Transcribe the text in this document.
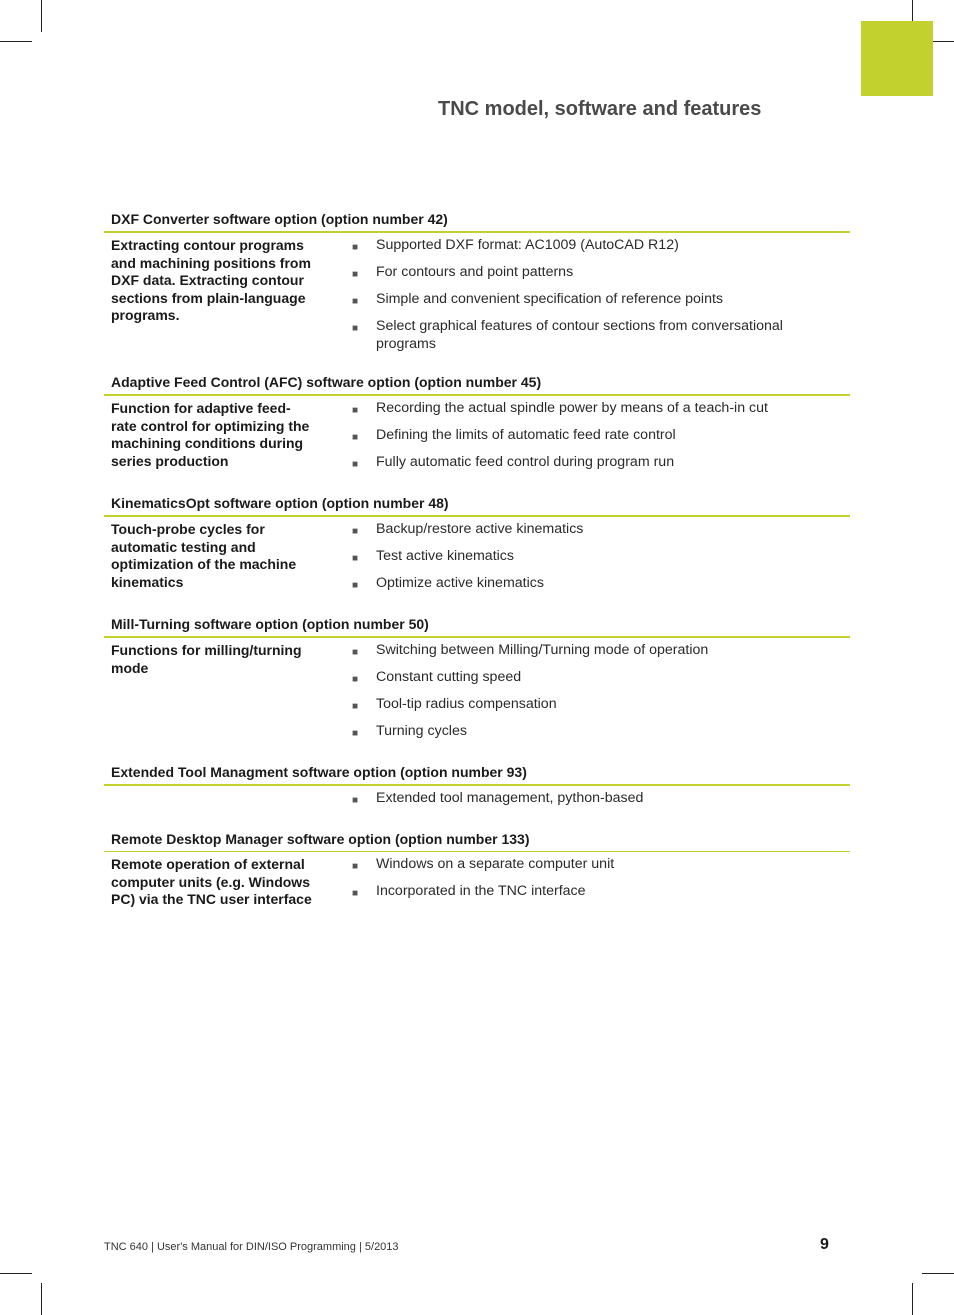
TNC model, software and features
DXF Converter software option (option number 42)
Extracting contour programs and machining positions from DXF data. Extracting contour sections from plain-language programs.
■	Supported DXF format: AC1009 (AutoCAD R12)
■	For contours and point patterns
■	Simple and convenient specification of reference points
■	Select graphical features of contour sections from conversational programs
Adaptive Feed Control (AFC) software option (option number 45)
Function for adaptive feed-rate control for optimizing the machining conditions during series production
■	Recording the actual spindle power by means of a teach-in cut
■	Defining the limits of automatic feed rate control
■	Fully automatic feed control during program run
KinematicsOpt software option (option number 48)
Touch-probe cycles for automatic testing and optimization of the machine kinematics
■	Backup/restore active kinematics
■	Test active kinematics
■	Optimize active kinematics
Mill-Turning software option (option number 50)
Functions for milling/turning mode
■	Switching between Milling/Turning mode of operation
■	Constant cutting speed
■	Tool-tip radius compensation
■	Turning cycles
Extended Tool Managment software option (option number 93)
■	Extended tool management, python-based
Remote Desktop Manager software option (option number 133)
Remote operation of external computer units (e.g. Windows PC) via the TNC user interface
■	Windows on a separate computer unit
■	Incorporated in the TNC interface
TNC 640 | User's Manual for DIN/ISO Programming | 5/2013	9
